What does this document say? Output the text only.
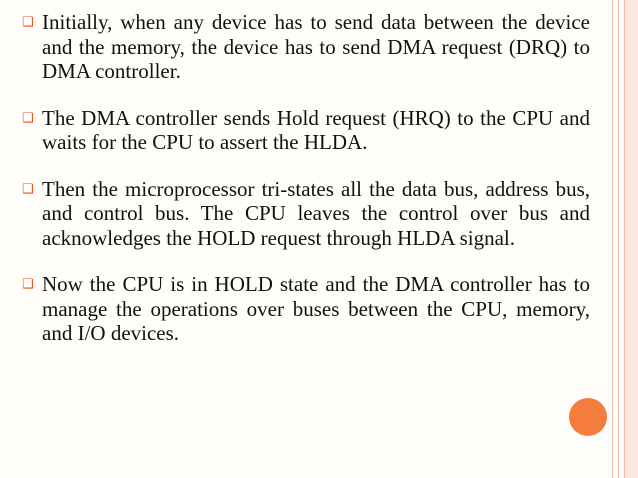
❑ Initially, when any device has to send data between the device and the memory, the device has to send DMA request (DRQ) to DMA controller.
❑ The DMA controller sends Hold request (HRQ) to the CPU and waits for the CPU to assert the HLDA.
❑ Then the microprocessor tri-states all the data bus, address bus, and control bus. The CPU leaves the control over bus and acknowledges the HOLD request through HLDA signal.
❑ Now the CPU is in HOLD state and the DMA controller has to manage the operations over buses between the CPU, memory, and I/O devices.
